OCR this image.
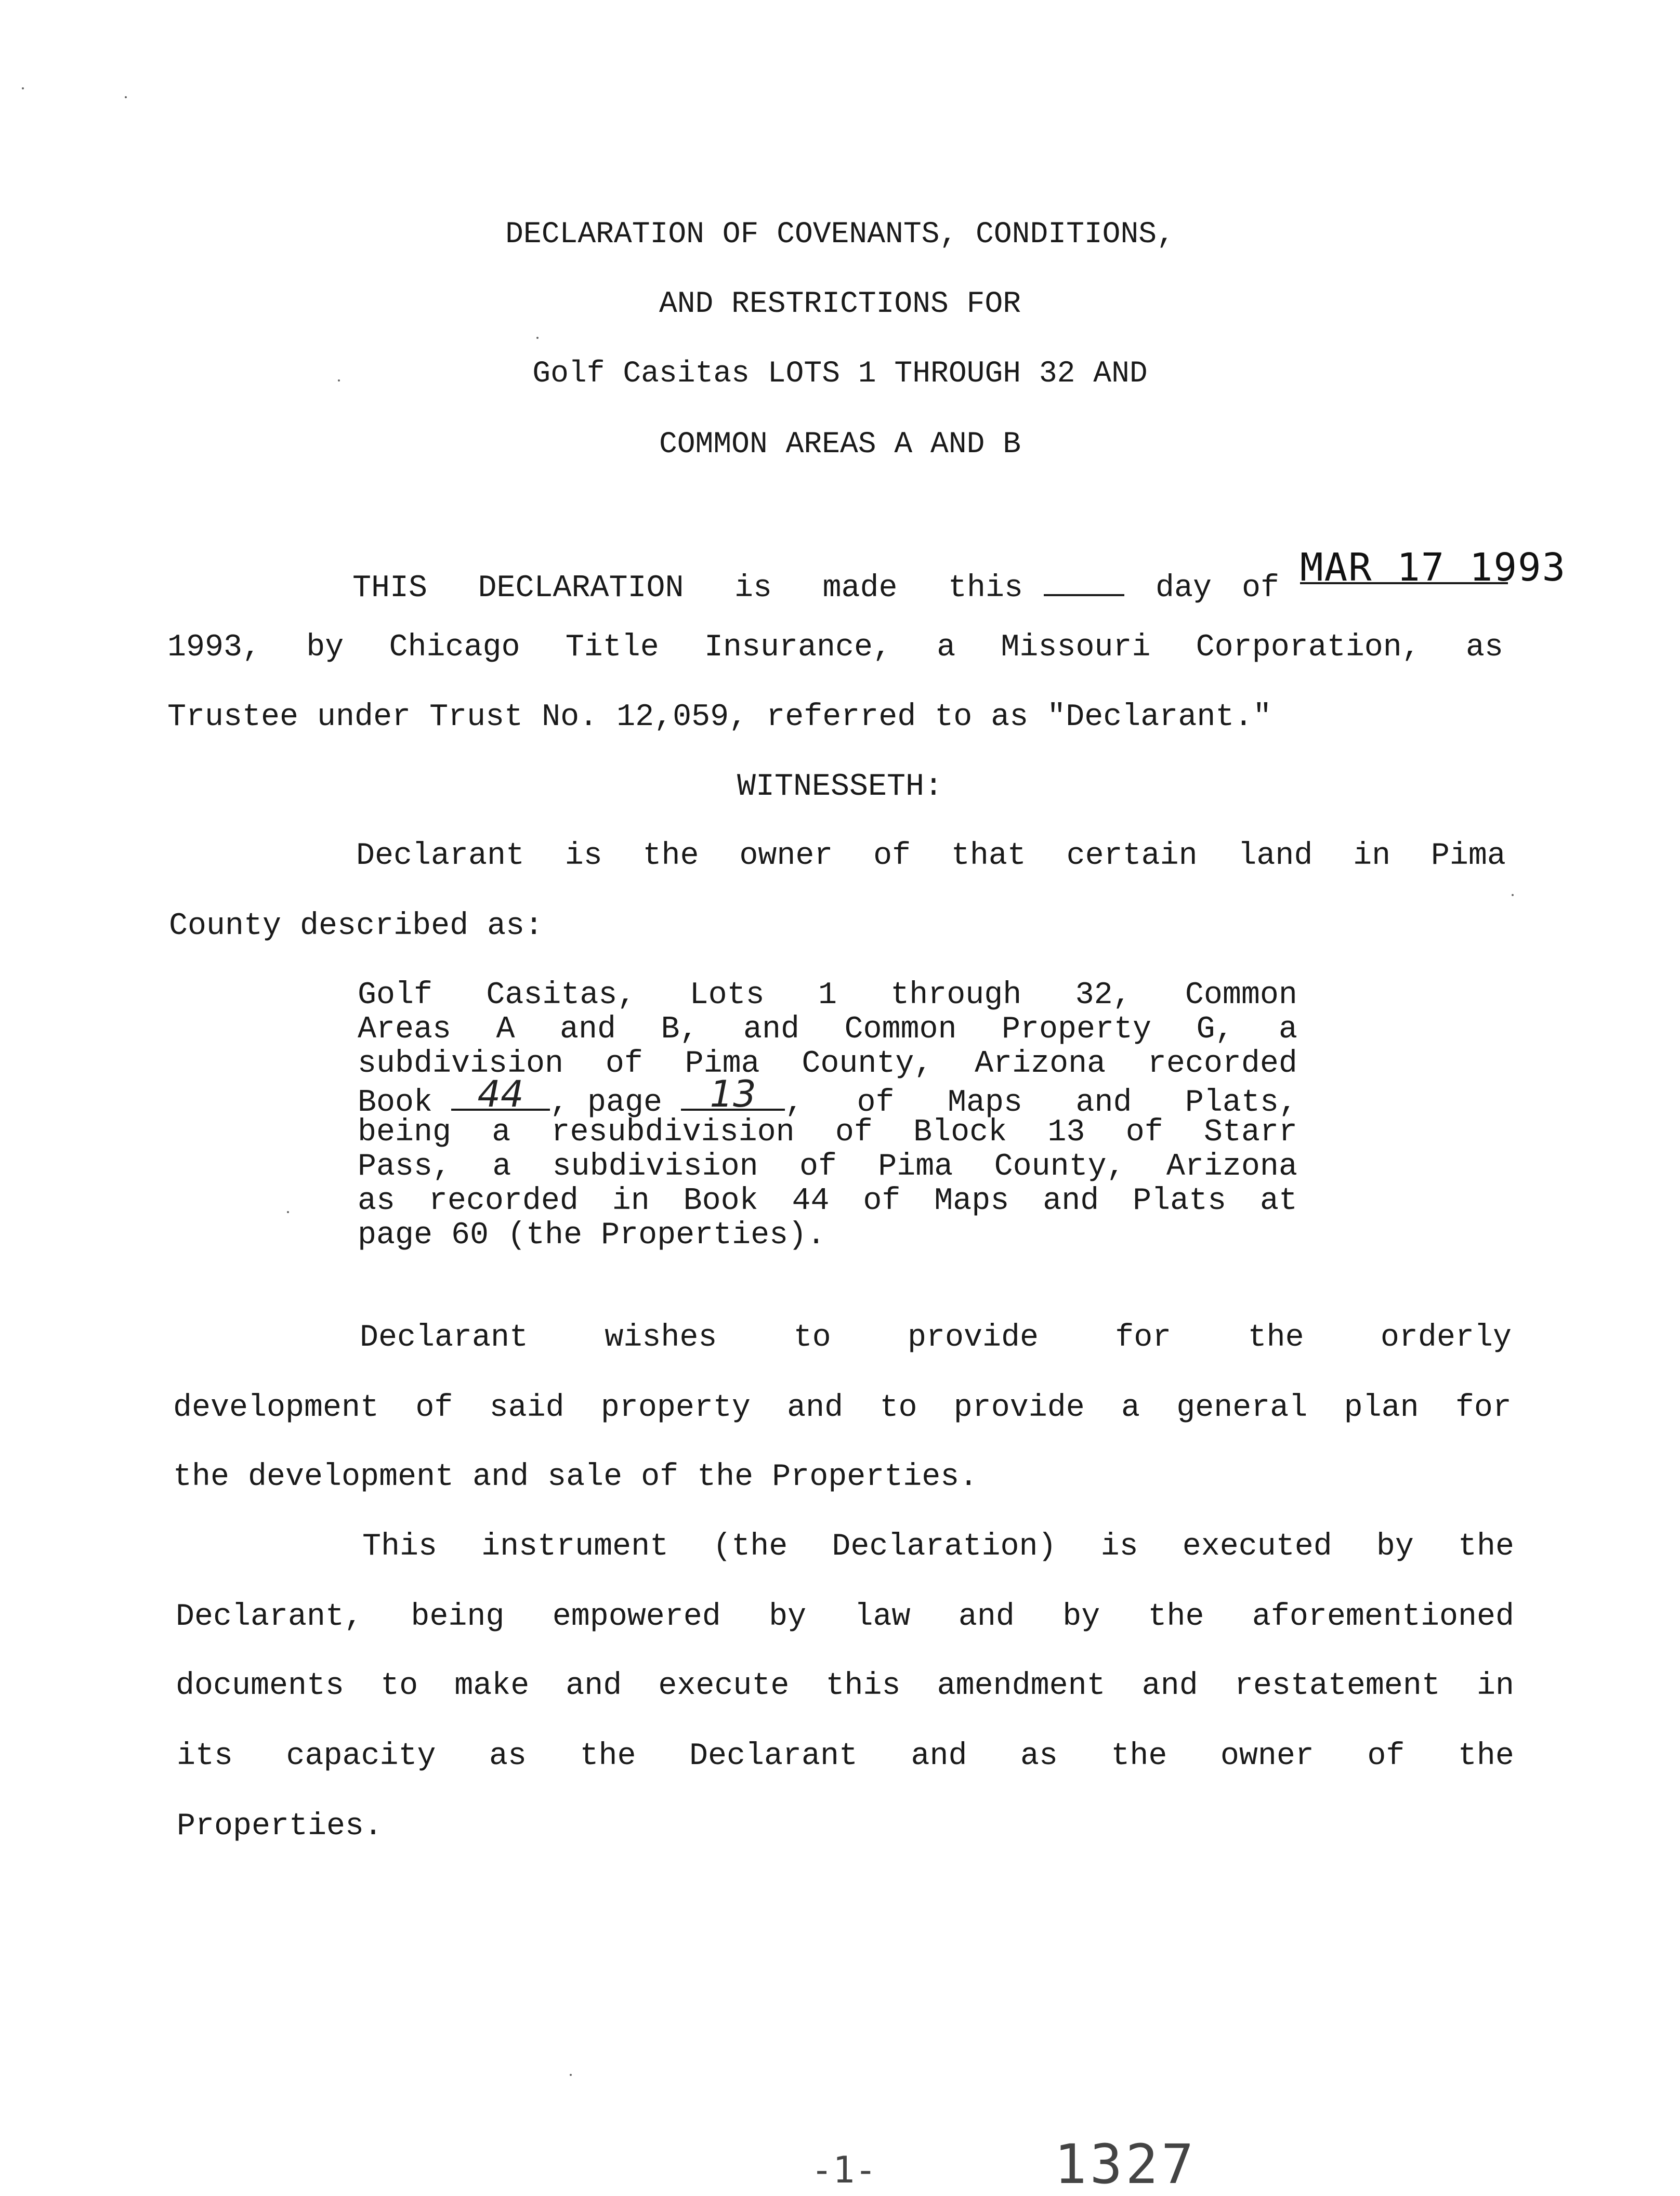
DECLARATION OF COVENANTS, CONDITIONS,
AND RESTRICTIONS FOR
Golf Casitas LOTS 1 THROUGH 32 AND
COMMON AREAS A AND B
THIS DECLARATION is made this	day of MAR 17 1993
1993, by Chicago Title Insurance, a Missouri Corporation, as
Trustee under Trust No. 12,059, referred to as "Declarant."
WITNESSETH:
Declarant is the owner of that certain land in Pima
County described as:
Golf Casitas, Lots 1 through 32, Common
Areas A and B, and Common Property G, a
subdivision of Pima County, Arizona recorded
Book	44 , page	13 , of Maps and Plats,
being a resubdivision of Block 13 of Starr
Pass, a subdivision of Pima County, Arizona
as recorded in Book 44 of Maps and Plats at
page 60 (the Properties).
Declarant wishes to provide for the orderly
development of said property and to provide a general plan for
the development and sale of the Properties.
This instrument (the Declaration) is executed by the
Declarant, being empowered by law and by the aforementioned
documents to make and execute this amendment and restatement in
its capacity as the Declarant and as the owner of the
Properties.
-1-	1327
